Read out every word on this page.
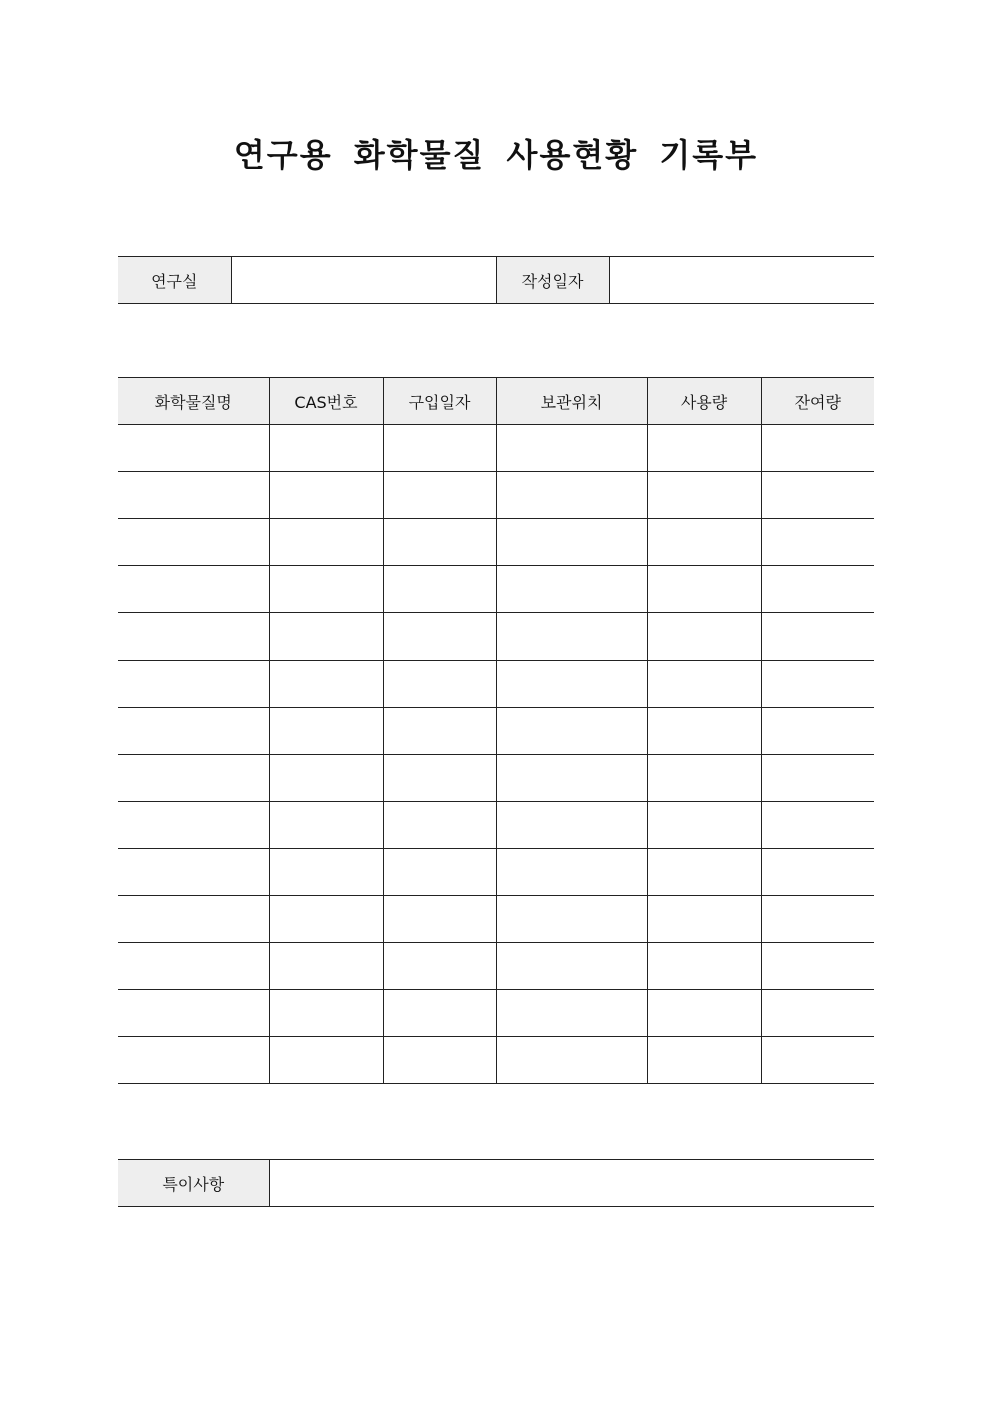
연구용 화학물질 사용현황 기록부
연구실		작성일자	
화학물질명	CAS번호	구입일자	보관위치	사용량	잔여량

특이사항	
